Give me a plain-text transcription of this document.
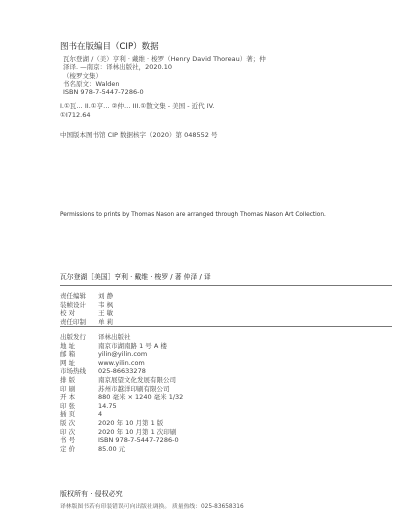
图书在版编目（CIP）数据
瓦尔登湖 /（美）亨利 · 戴维 · 梭罗（Henry David Thoreau）著；仲
泽译. —南京：译林出版社，2020.10
（梭罗文集）
书名原文：Walden
ISBN 978-7-5447-7286-0
I.①瓦… II.①亨… ②仲… III.①散文集 - 美国 - 近代 IV.
①I712.64
中国版本图书馆 CIP 数据核字（2020）第 048552 号
Permissions to prints by Thomas Nason are arranged through Thomas Nason Art Collection.
瓦尔登湖［美国］亨利 · 戴维 · 梭罗 / 著 仲泽 / 译
责任编辑	刘 静
装帧设计	韦 枫
校 对	王 敏
责任印制	单 莉
出版发行	译林出版社
地 址	南京市湖南路 1 号 A 楼
邮 箱	yilin@yilin.com
网 址	www.yilin.com
市场热线	025-86633278
排 版	南京展望文化发展有限公司
印 刷	苏州市越洋印刷有限公司
开 本	880 毫米 × 1240 毫米 1/32
印 张	14.75
插 页	4
版 次	2020 年 10 月第 1 版
印 次	2020 年 10 月第 1 次印刷
书 号	ISBN 978-7-5447-7286-0
定 价	85.00 元
版权所有 · 侵权必究
译林版图书若有印装错误可向出版社调换。 质量热线：025-83658316
